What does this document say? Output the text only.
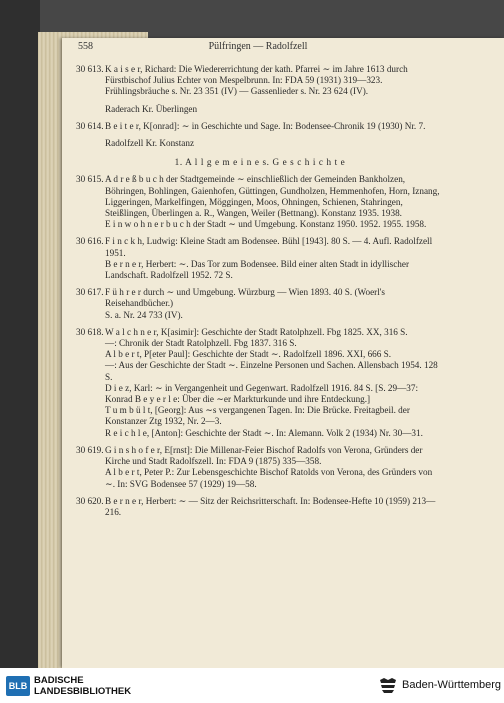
558	Pülfringen — Radolfzell
30 613. K a i s e r, Richard: Die Wiedererrichtung der kath. Pfarrei ∼ im Jahre 1613 durch Fürstbischof Julius Echter von Mespelbrunn. In: FDA 59 (1931) 319—323.

Frühlingsbräuche s. Nr. 23 351 (IV) — Gassenlieder s. Nr. 23 624 (IV).

Raderach Kr. Überlingen
30 614. B e i t e r, K[onrad]: ∼ in Geschichte und Sage. In: Bodensee-Chronik 19 (1930) Nr. 7.

Radolfzell Kr. Konstanz
1. A l l g e m e i n e s. G e s c h i c h t e
30 615. A d r e ß b u c h der Stadtgemeinde ∼ einschließlich der Gemeinden Bankholzen, Böhringen, Bohlingen, Gaienhofen, Güttingen, Gundholzen, Hemmenhofen, Horn, Iznang, Liggeringen, Markelfingen, Möggingen, Moos, Ohningen, Schienen, Stahringen, Steißlingen, Überlingen a. R., Wangen, Weiler (Bettnang). Konstanz 1935. 1938.

E i n w o h n e r b u c h der Stadt ∼ und Umgebung. Konstanz 1950. 1952. 1955. 1958.

30 616. F i n c k h, Ludwig: Kleine Stadt am Bodensee. Bühl [1943]. 80 S. — 4. Aufl. Radolfzell 1951.

B e r n e r, Herbert: ∼. Das Tor zum Bodensee. Bild einer alten Stadt in idyllischer Landschaft. Radolfzell 1952. 72 S.

30 617. F ü h r e r durch ∼ und Umgebung. Würzburg — Wien 1893. 40 S. (Woerl's Reisehandbücher.)

S. a. Nr. 24 733 (IV).

30 618. W a l c h n e r, K[asimir]: Geschichte der Stadt Ratolphzell. Fbg 1825. XX, 316 S.

—: Chronik der Stadt Ratolphzell. Fbg 1837. 316 S.

A l b e r t, P[eter Paul]: Geschichte der Stadt ∼. Radolfzell 1896. XXI, 666 S.

—: Aus der Geschichte der Stadt ∼. Einzelne Personen und Sachen. Allensbach 1954. 128 S.

D i e z, Karl: ∼ in Vergangenheit und Gegenwart. Radolfzell 1916. 84 S. [S. 29—37: Konrad B e y e r l e: Über die ∼er Markturkunde und ihre Entdeckung.]

T u m b ü l t, [Georg]: Aus ∼s vergangenen Tagen. In: Die Brücke. Freitagbeil. der Konstanzer Ztg 1932, Nr. 2—3.

R e i c h l e, [Anton]: Geschichte der Stadt ∼. In: Alemann. Volk 2 (1934) Nr. 30—31.

30 619. G i n s h o f e r, E[rnst]: Die Millenar-Feier Bischof Radolfs von Verona, Gründers der Kirche und Stadt Radolfszell. In: FDA 9 (1875) 335—358.

A l b e r t, Peter P.: Zur Lebensgeschichte Bischof Ratolds von Verona, des Gründers von ∼. In: SVG Bodensee 57 (1929) 19—58.

30 620. B e r n e r, Herbert: ∼ — Sitz der Reichsritterschaft. In: Bodensee-Hefte 10 (1959) 213—216.

BLB BADISCHE
LANDESBIBLIOTHEK
Baden-Württemberg
